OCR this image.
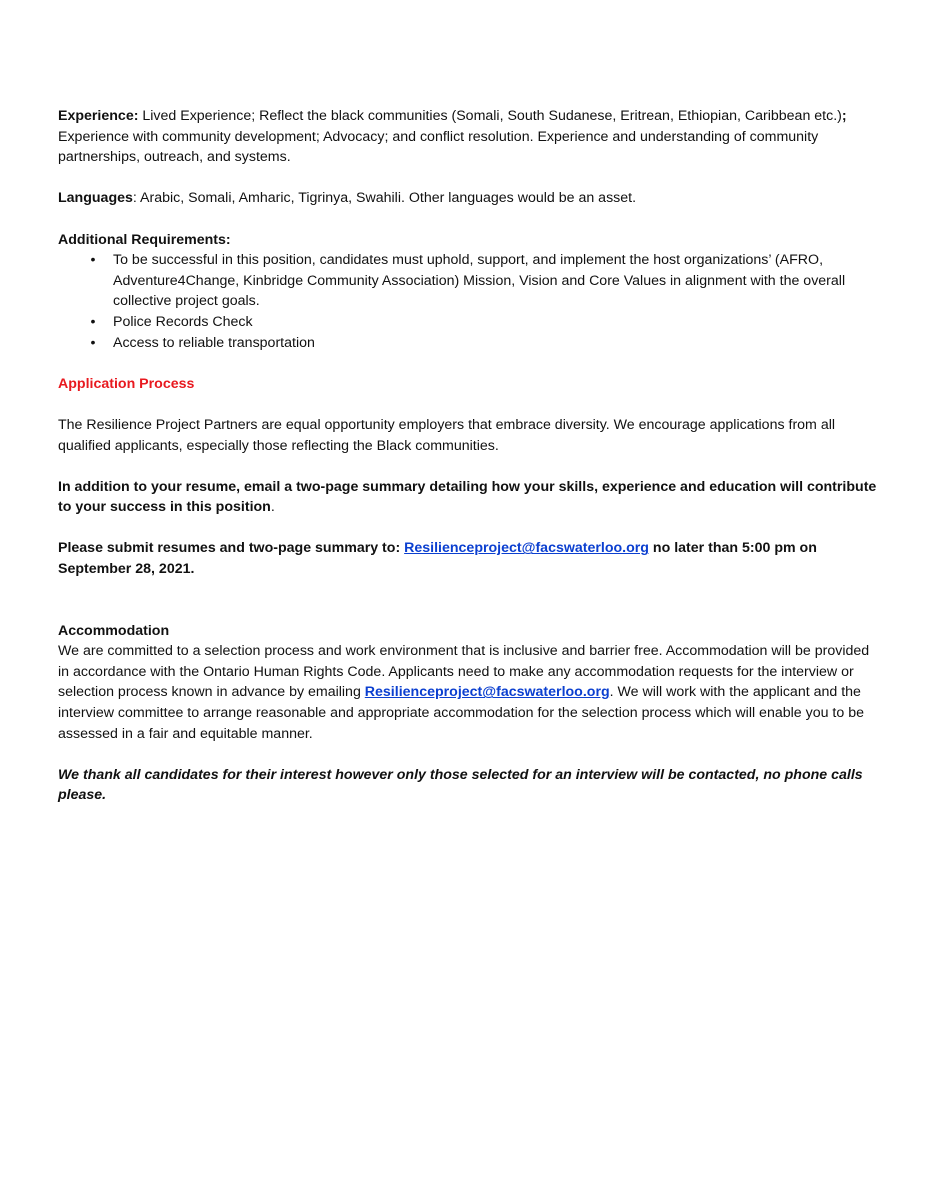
Experience: Lived Experience; Reflect the black communities (Somali, South Sudanese, Eritrean, Ethiopian, Caribbean etc.); Experience with community development; Advocacy; and conflict resolution. Experience and understanding of community partnerships, outreach, and systems.

Languages: Arabic, Somali, Amharic, Tigrinya, Swahili. Other languages would be an asset.

Additional Requirements:

• To be successful in this position, candidates must uphold, support, and implement the host organizations’ (AFRO, Adventure4Change, Kinbridge Community Association) Mission, Vision and Core Values in alignment with the overall collective project goals.
• Police Records Check
• Access to reliable transportation

Application Process

The Resilience Project Partners are equal opportunity employers that embrace diversity. We encourage applications from all qualified applicants, especially those reflecting the Black communities.

In addition to your resume, email a two-page summary detailing how your skills, experience and education will contribute to your success in this position.

Please submit resumes and two-page summary to: Resilienceproject@facswaterloo.org no later than 5:00 pm on September 28, 2021.

Accommodation

We are committed to a selection process and work environment that is inclusive and barrier free. Accommodation will be provided in accordance with the Ontario Human Rights Code. Applicants need to make any accommodation requests for the interview or selection process known in advance by emailing Resilienceproject@facswaterloo.org. We will work with the applicant and the interview committee to arrange reasonable and appropriate accommodation for the selection process which will enable you to be assessed in a fair and equitable manner.

We thank all candidates for their interest however only those selected for an interview will be contacted, no phone calls please.
